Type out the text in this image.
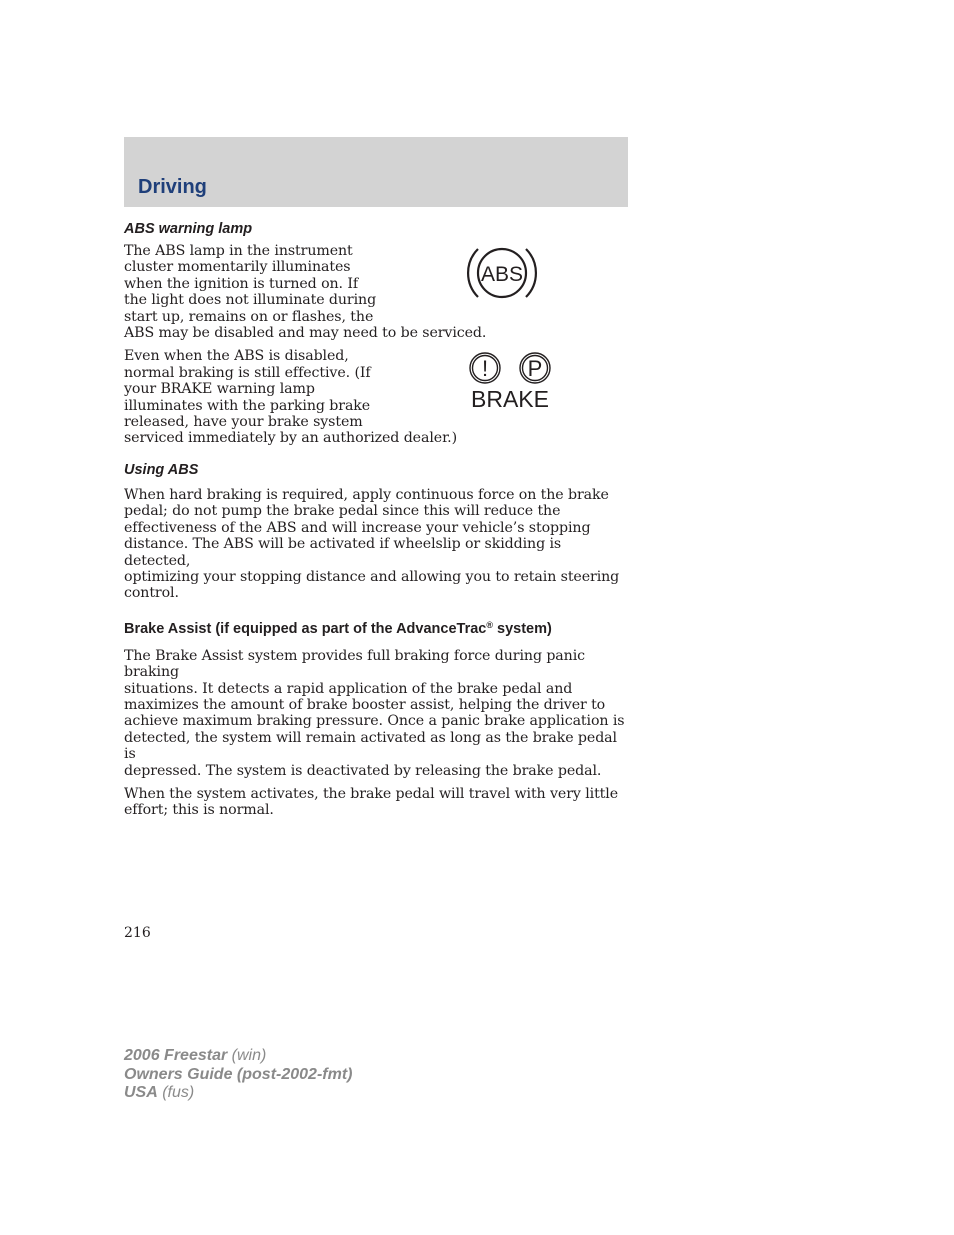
Driving
ABS warning lamp

The ABS lamp in the instrument
cluster momentarily illuminates
when the ignition is turned on. If
the light does not illuminate during
start up, remains on or flashes, the
ABS may be disabled and may need to be serviced.

Even when the ABS is disabled,
normal braking is still effective. (If
your BRAKE warning lamp
illuminates with the parking brake
released, have your brake system
serviced immediately by an authorized dealer.)

ABS
! P
BRAKE
Using ABS

When hard braking is required, apply continuous force on the brake
pedal; do not pump the brake pedal since this will reduce the
effectiveness of the ABS and will increase your vehicle’s stopping
distance. The ABS will be activated if wheelslip or skidding is detected,
optimizing your stopping distance and allowing you to retain steering
control.

Brake Assist (if equipped as part of the AdvanceTrac® system)

The Brake Assist system provides full braking force during panic braking
situations. It detects a rapid application of the brake pedal and
maximizes the amount of brake booster assist, helping the driver to
achieve maximum braking pressure. Once a panic brake application is
detected, the system will remain activated as long as the brake pedal is
depressed. The system is deactivated by releasing the brake pedal.

When the system activates, the brake pedal will travel with very little
effort; this is normal.

216

2006 Freestar (win)
Owners Guide (post-2002-fmt)
USA (fus)
